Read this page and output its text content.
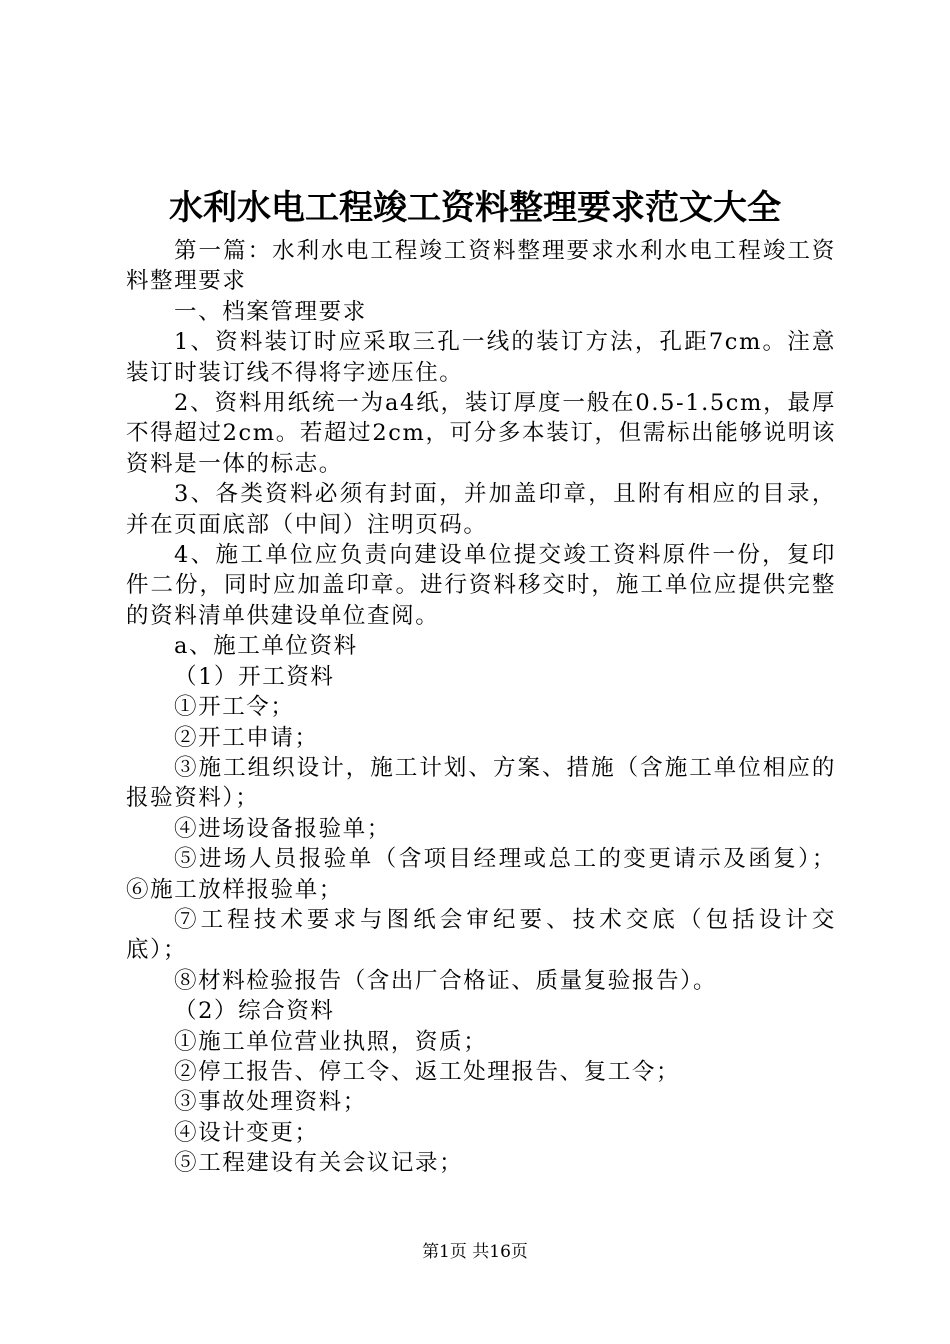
水利水电工程竣工资料整理要求范文大全

第一篇：水利水电工程竣工资料整理要求水利水电工程竣工资料整理要求

一、档案管理要求

1、资料装订时应采取三孔一线的装订方法，孔距7cm。注意装订时装订线不得将字迹压住。

2、资料用纸统一为a4纸，装订厚度一般在0.5-1.5cm，最厚不得超过2cm。若超过2cm，可分多本装订，但需标出能够说明该资料是一体的标志。

3、各类资料必须有封面，并加盖印章，且附有相应的目录，并在页面底部（中间）注明页码。

4、施工单位应负责向建设单位提交竣工资料原件一份，复印件二份，同时应加盖印章。进行资料移交时，施工单位应提供完整的资料清单供建设单位查阅。

a、施工单位资料

（1）开工资料

①开工令；

②开工申请；

③施工组织设计，施工计划、方案、措施（含施工单位相应的报验资料）；

④进场设备报验单；

⑤进场人员报验单（含项目经理或总工的变更请示及函复）；⑥施工放样报验单；

⑦工程技术要求与图纸会审纪要、技术交底（包括设计交底）；

⑧材料检验报告（含出厂合格证、质量复验报告）。

（2）综合资料

①施工单位营业执照，资质；

②停工报告、停工令、返工处理报告、复工令；

③事故处理资料；

④设计变更；

⑤工程建设有关会议记录；

第1页 共16页
